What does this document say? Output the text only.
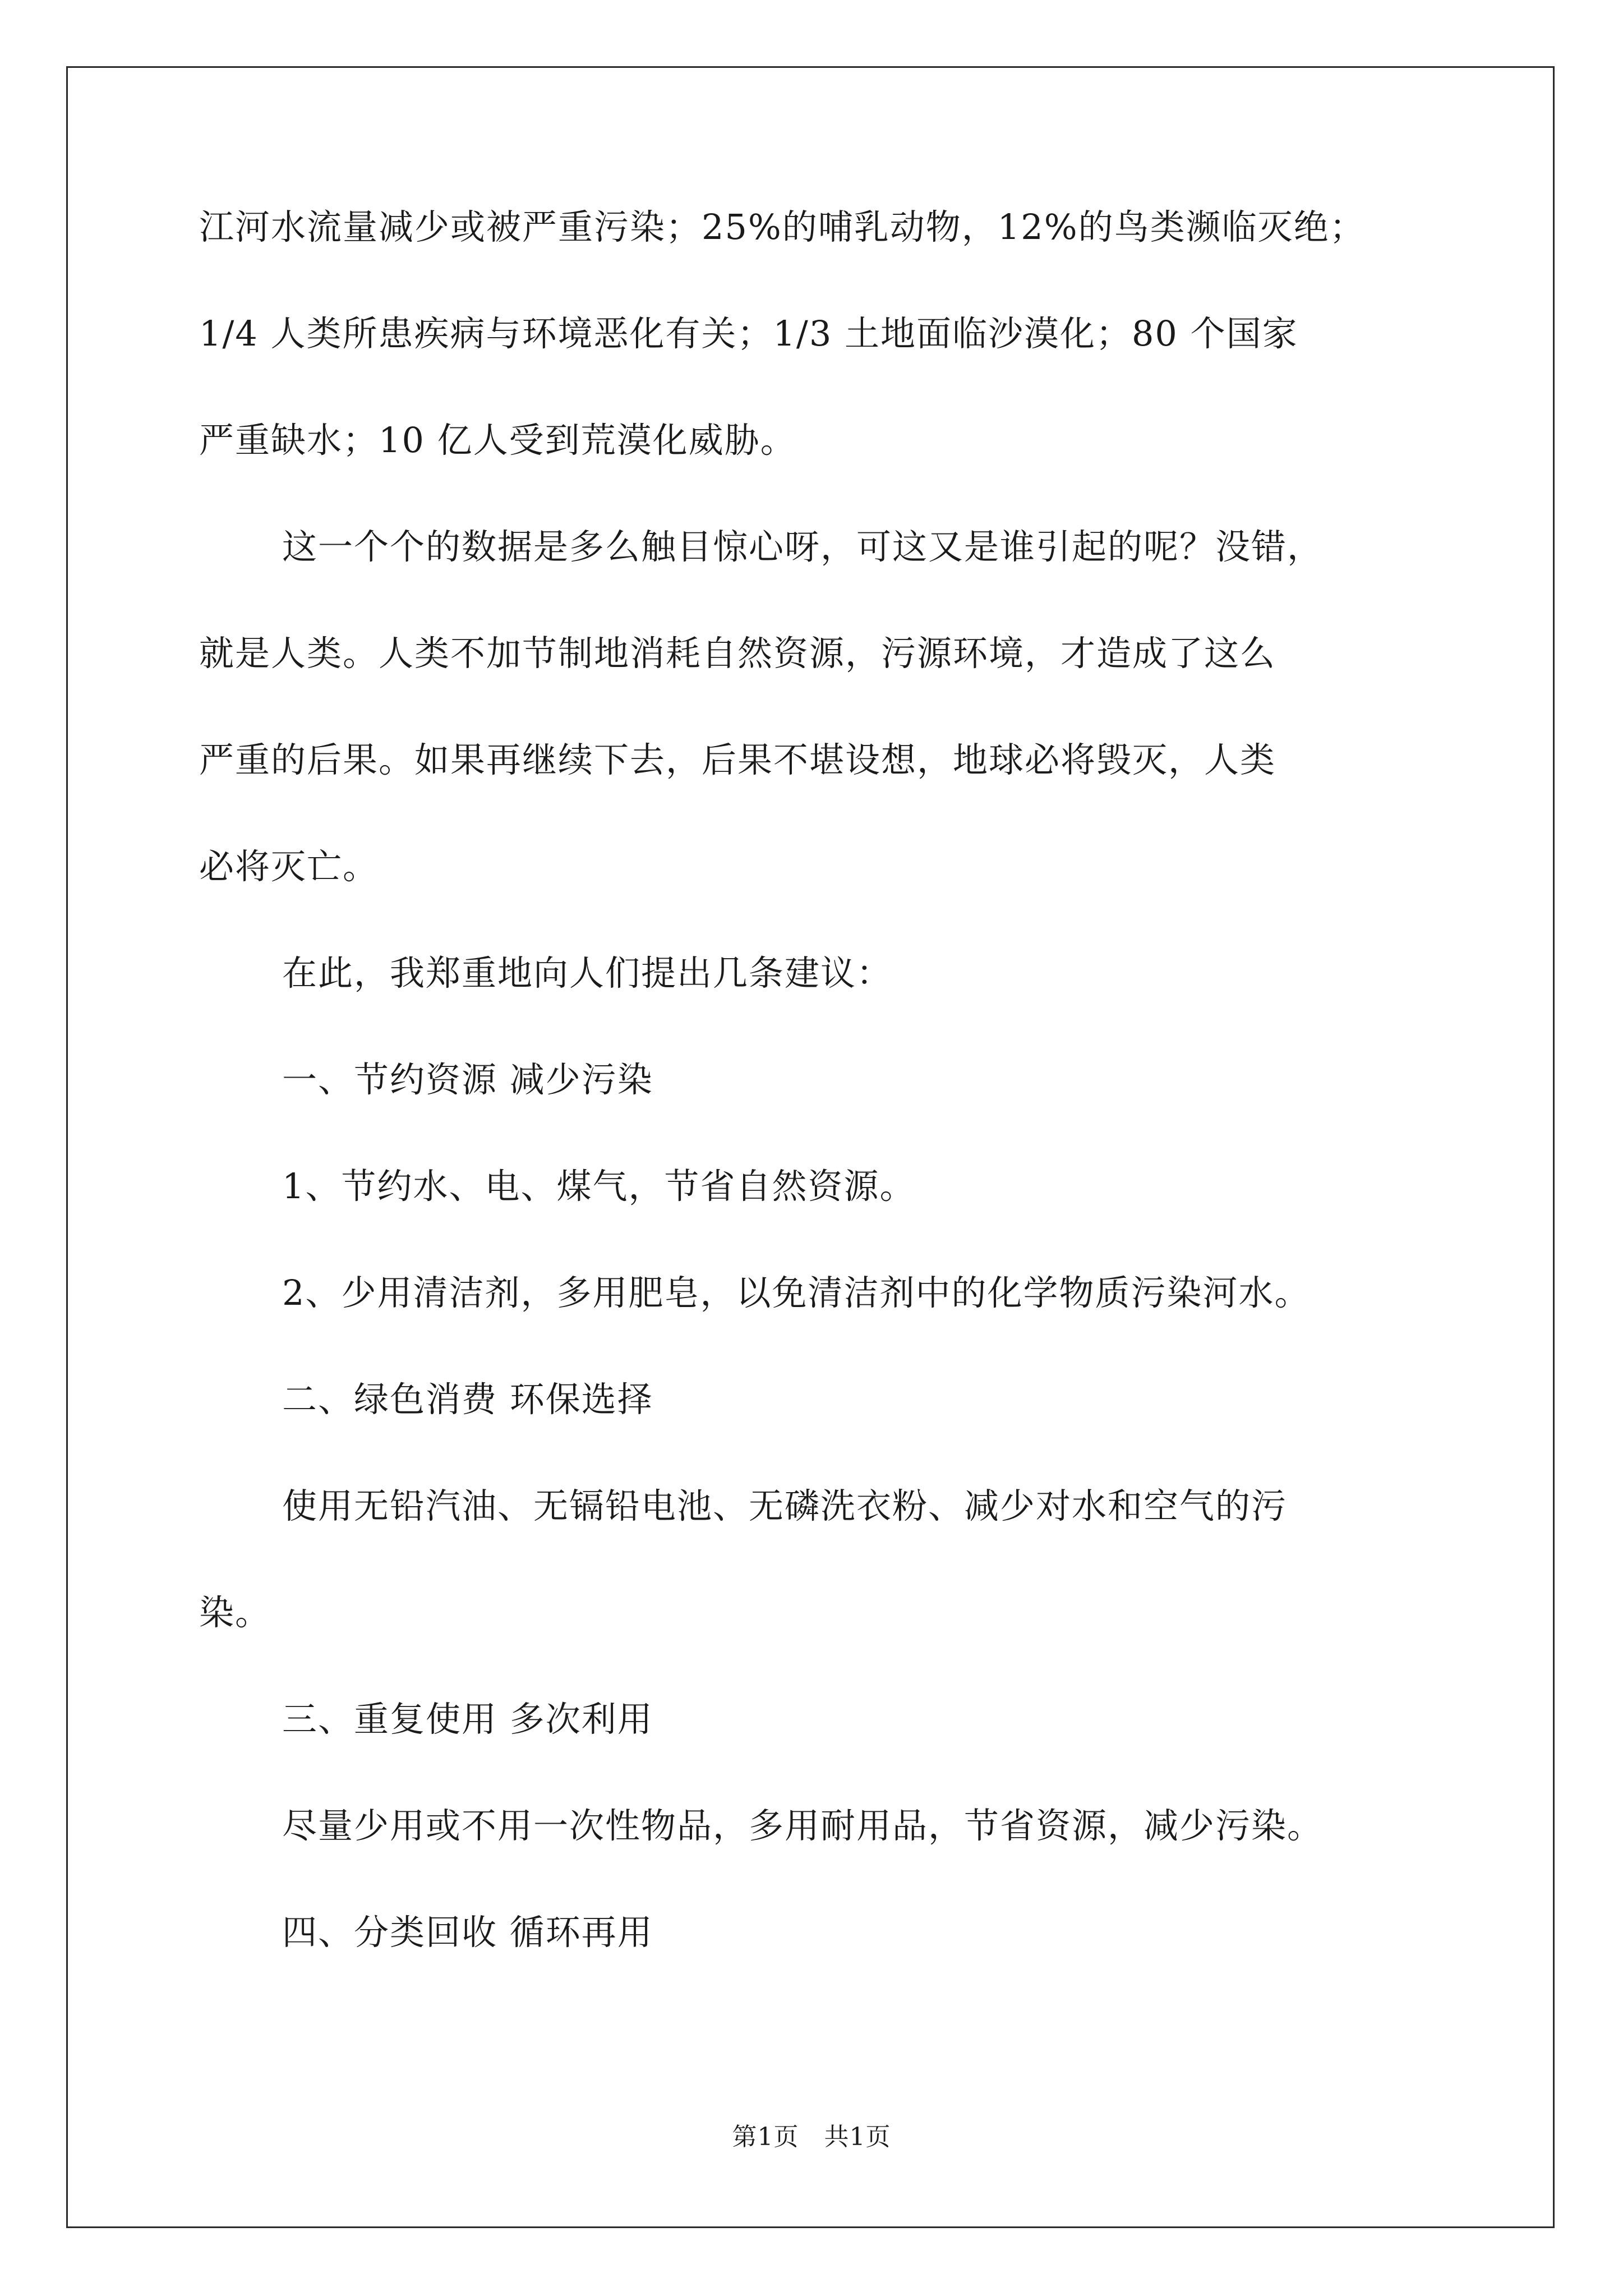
江河水流量减少或被严重污染；25%的哺乳动物，12%的鸟类濒临灭绝；
1/4 人类所患疾病与环境恶化有关；1/3 土地面临沙漠化；80 个国家
严重缺水；10 亿人受到荒漠化威胁。
这一个个的数据是多么触目惊心呀，可这又是谁引起的呢？没错，
就是人类。人类不加节制地消耗自然资源，污源环境，才造成了这么
严重的后果。如果再继续下去，后果不堪设想，地球必将毁灭，人类
必将灭亡。
在此，我郑重地向人们提出几条建议：
一、节约资源 减少污染
1、节约水、电、煤气，节省自然资源。
2、少用清洁剂，多用肥皂，以免清洁剂中的化学物质污染河水。
二、绿色消费 环保选择
使用无铅汽油、无镉铅电池、无磷洗衣粉、减少对水和空气的污
染。
三、重复使用 多次利用
尽量少用或不用一次性物品，多用耐用品，节省资源，减少污染。
四、分类回收 循环再用
第1页　共1页
